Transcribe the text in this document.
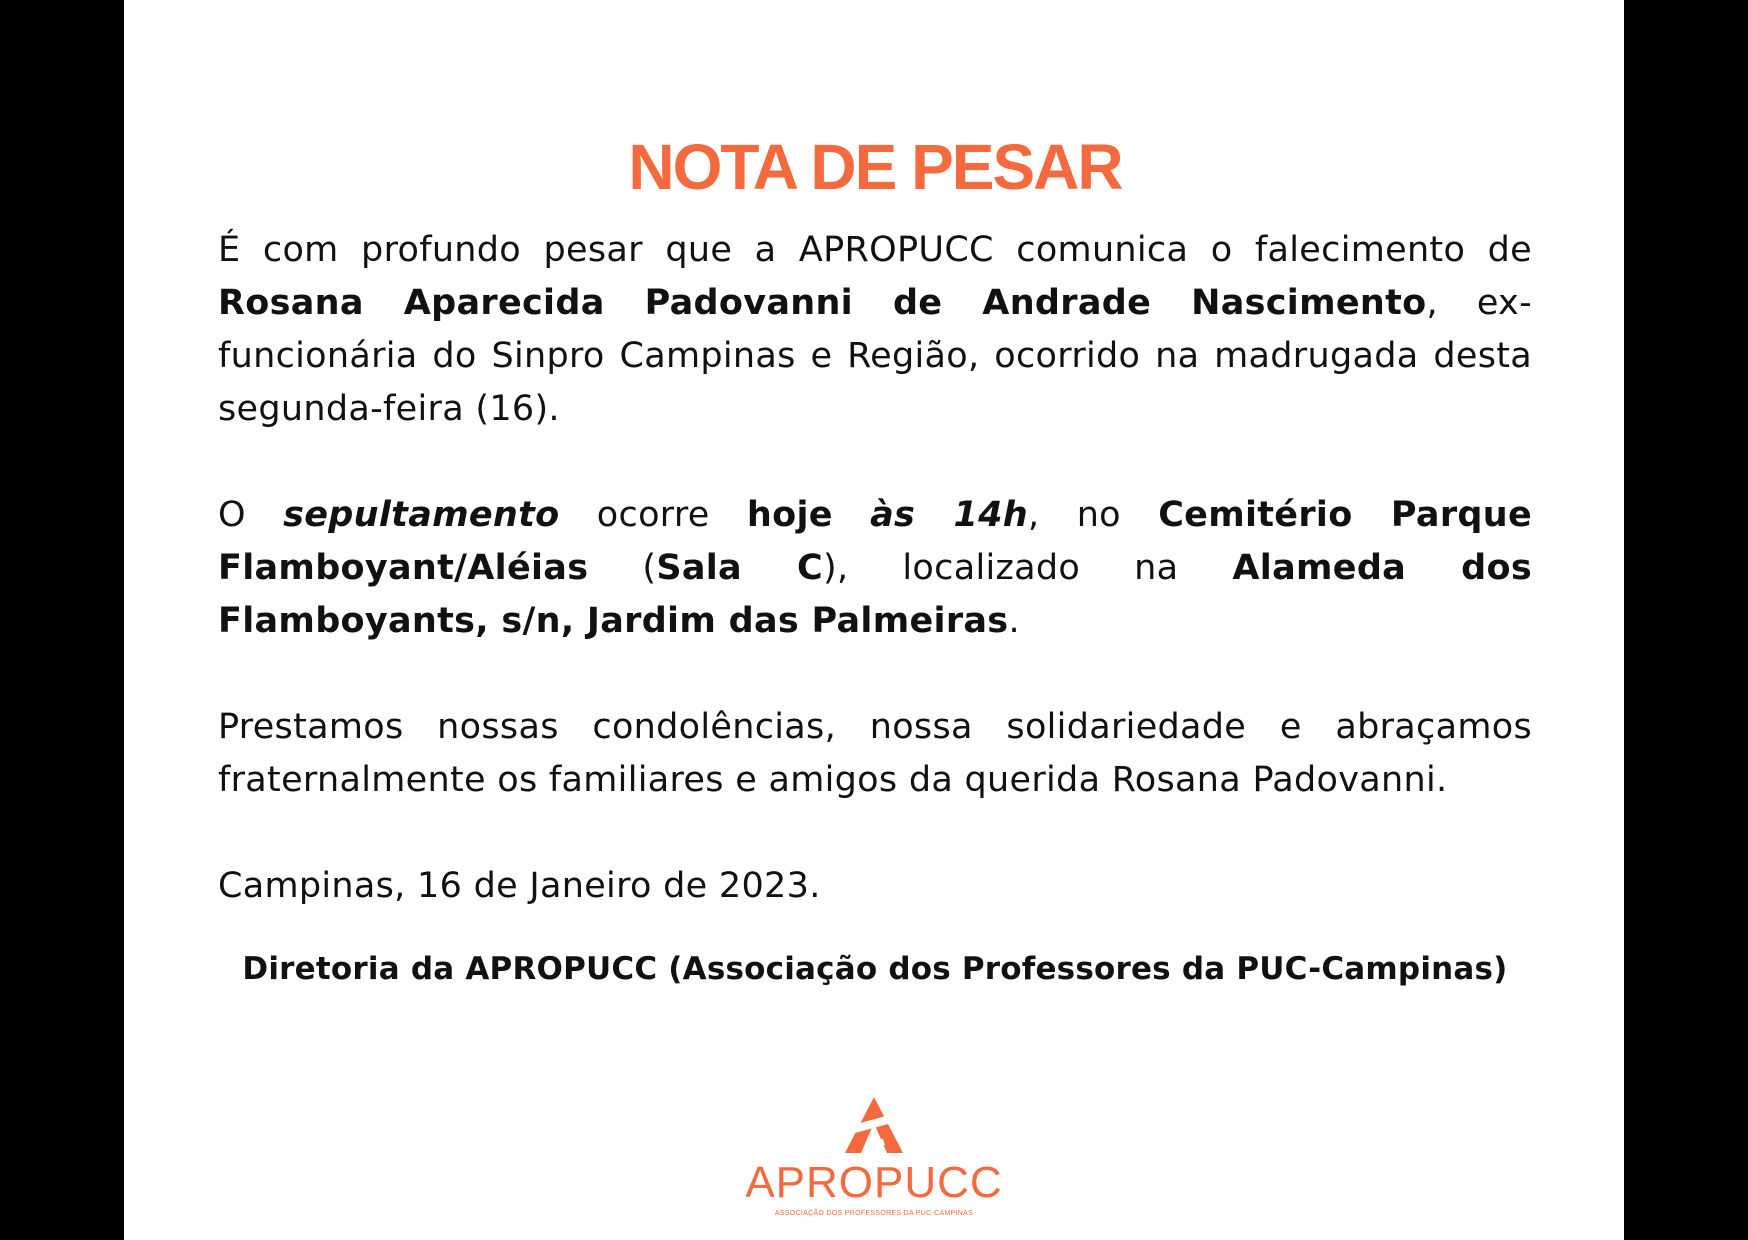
NOTA DE PESAR

É com profundo pesar que a APROPUCC comunica o falecimento de Rosana Aparecida Padovanni de Andrade Nascimento, ex-funcionária do Sinpro Campinas e Região, ocorrido na madrugada desta segunda-feira (16).

O sepultamento ocorre hoje às 14h, no Cemitério Parque Flamboyant/Aléias (Sala C), localizado na Alameda dos Flamboyants, s/n, Jardim das Palmeiras.

Prestamos nossas condolências, nossa solidariedade e abraçamos fraternalmente os familiares e amigos da querida Rosana Padovanni.

Campinas, 16 de Janeiro de 2023.

Diretoria da APROPUCC (Associação dos Professores da PUC-Campinas)
APROPUCC
ASSOCIAÇÃO DOS PROFESSORES DA PUC-CAMPINAS
